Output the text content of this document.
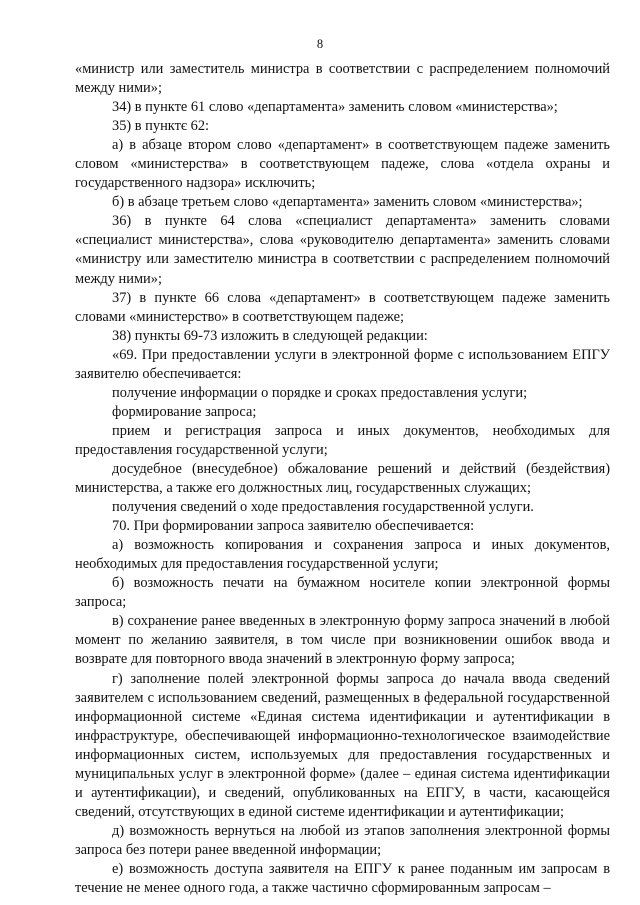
8

«министр или заместитель министра в соответствии с распределением полномочий между ними»;

34) в пункте 61 слово «департамента» заменить словом «министерства»;

35) в пунктє 62:

а) в абзаце втором слово «департамент» в соответствующем падеже заменить словом «министерства» в соответствующем падеже, слова «отдела охраны и государственного надзора» исключить;

б) в абзаце третьем слово «департамента» заменить словом «министерства»;

36) в пункте 64 слова «специалист департамента» заменить словами «специалист министерства», слова «руководителю департамента» заменить словами «министру или заместителю министра в соответствии с распределением полномочий между ними»;

37) в пункте 66 слова «департамент» в соответствующем падеже заменить словами «министерство» в соответствующем падеже;

38) пункты 69-73 изложить в следующей редакции:

«69. При предоставлении услуги в электронной форме с использованием ЕПГУ заявителю обеспечивается:

получение информации о порядке и сроках предоставления услуги;

формирование запроса;

прием и регистрация запроса и иных документов, необходимых для предоставления государственной услуги;

досудебное (внесудебное) обжалование решений и действий (бездействия) министерства, а также его должностных лиц, государственных служащих;

получения сведений о ходе предоставления государственной услуги.

70. При формировании запроса заявителю обеспечивается:

а) возможность копирования и сохранения запроса и иных документов, необходимых для предоставления государственной услуги;

б) возможность печати на бумажном носителе копии электронной формы запроса;

в) сохранение ранее введенных в электронную форму запроса значений в любой момент по желанию заявителя, в том числе при возникновении ошибок ввода и возврате для повторного ввода значений в электронную форму запроса;

г) заполнение полей электронной формы запроса до начала ввода сведений заявителем с использованием сведений, размещенных в федеральной государственной информационной системе «Единая система идентификации и аутентификации в инфраструктуре, обеспечивающей информационно-технологическое взаимодействие информационных систем, используемых для предоставления государственных и муниципальных услуг в электронной форме» (далее – единая система идентификации и аутентификации), и сведений, опубликованных на ЕПГУ, в части, касающейся сведений, отсутствующих в единой системе идентификации и аутентификации;

д) возможность вернуться на любой из этапов заполнения электронной формы запроса без потери ранее введенной информации;

е) возможность доступа заявителя на ЕПГУ к ранее поданным им запросам в течение не менее одного года, а также частично сформированным запросам –
